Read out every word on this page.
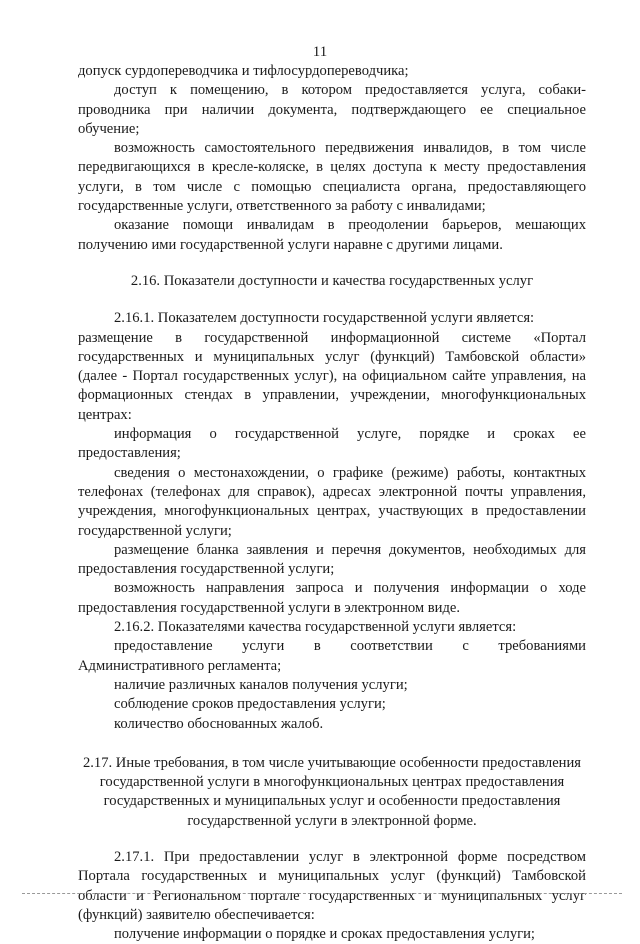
11

допуск сурдопереводчика и тифлосурдопереводчика;

доступ к помещению, в котором предоставляется услуга, собаки-проводника при наличии документа, подтверждающего ее специальное обучение;

возможность самостоятельного передвижения инвалидов, в том числе передвигающихся в кресле-коляске, в целях доступа к месту предоставления услуги, в том числе с помощью специалиста органа, предоставляющего государственные услуги, ответственного за работу с инвалидами;

оказание помощи инвалидам в преодолении барьеров, мешающих получению ими государственной услуги наравне с другими лицами.

2.16. Показатели доступности и качества государственных услуг

2.16.1. Показателем доступности государственной услуги является:

размещение в государственной информационной системе «Портал государственных и муниципальных услуг (функций) Тамбовской области» (далее - Портал государственных услуг), на официальном сайте управления, на формационных стендах в управлении, учреждении, многофункциональных центрах:

информация о государственной услуге, порядке и сроках ее предоставления;

сведения о местонахождении, о графике (режиме) работы, контактных телефонах (телефонах для справок), адресах электронной почты управления, учреждения, многофункциональных центрах, участвующих в предоставлении государственной услуги;

размещение бланка заявления и перечня документов, необходимых для предоставления государственной услуги;

возможность направления запроса и получения информации о ходе предоставления государственной услуги в электронном виде.

2.16.2. Показателями качества государственной услуги является:

предоставление услуги в соответствии с требованиями Административного регламента;

наличие различных каналов получения услуги;

соблюдение сроков предоставления услуги;

количество обоснованных жалоб.

2.17. Иные требования, в том числе учитывающие особенности предоставления государственной услуги в многофункциональных центрах предоставления государственных и муниципальных услуг и особенности предоставления государственной услуги в электронной форме.

2.17.1. При предоставлении услуг в электронной форме посредством Портала государственных и муниципальных услуг (функций) Тамбовской области и Региональном портале государственных и муниципальных услуг (функций) заявителю обеспечивается:

получение информации о порядке и сроках предоставления услуги;
